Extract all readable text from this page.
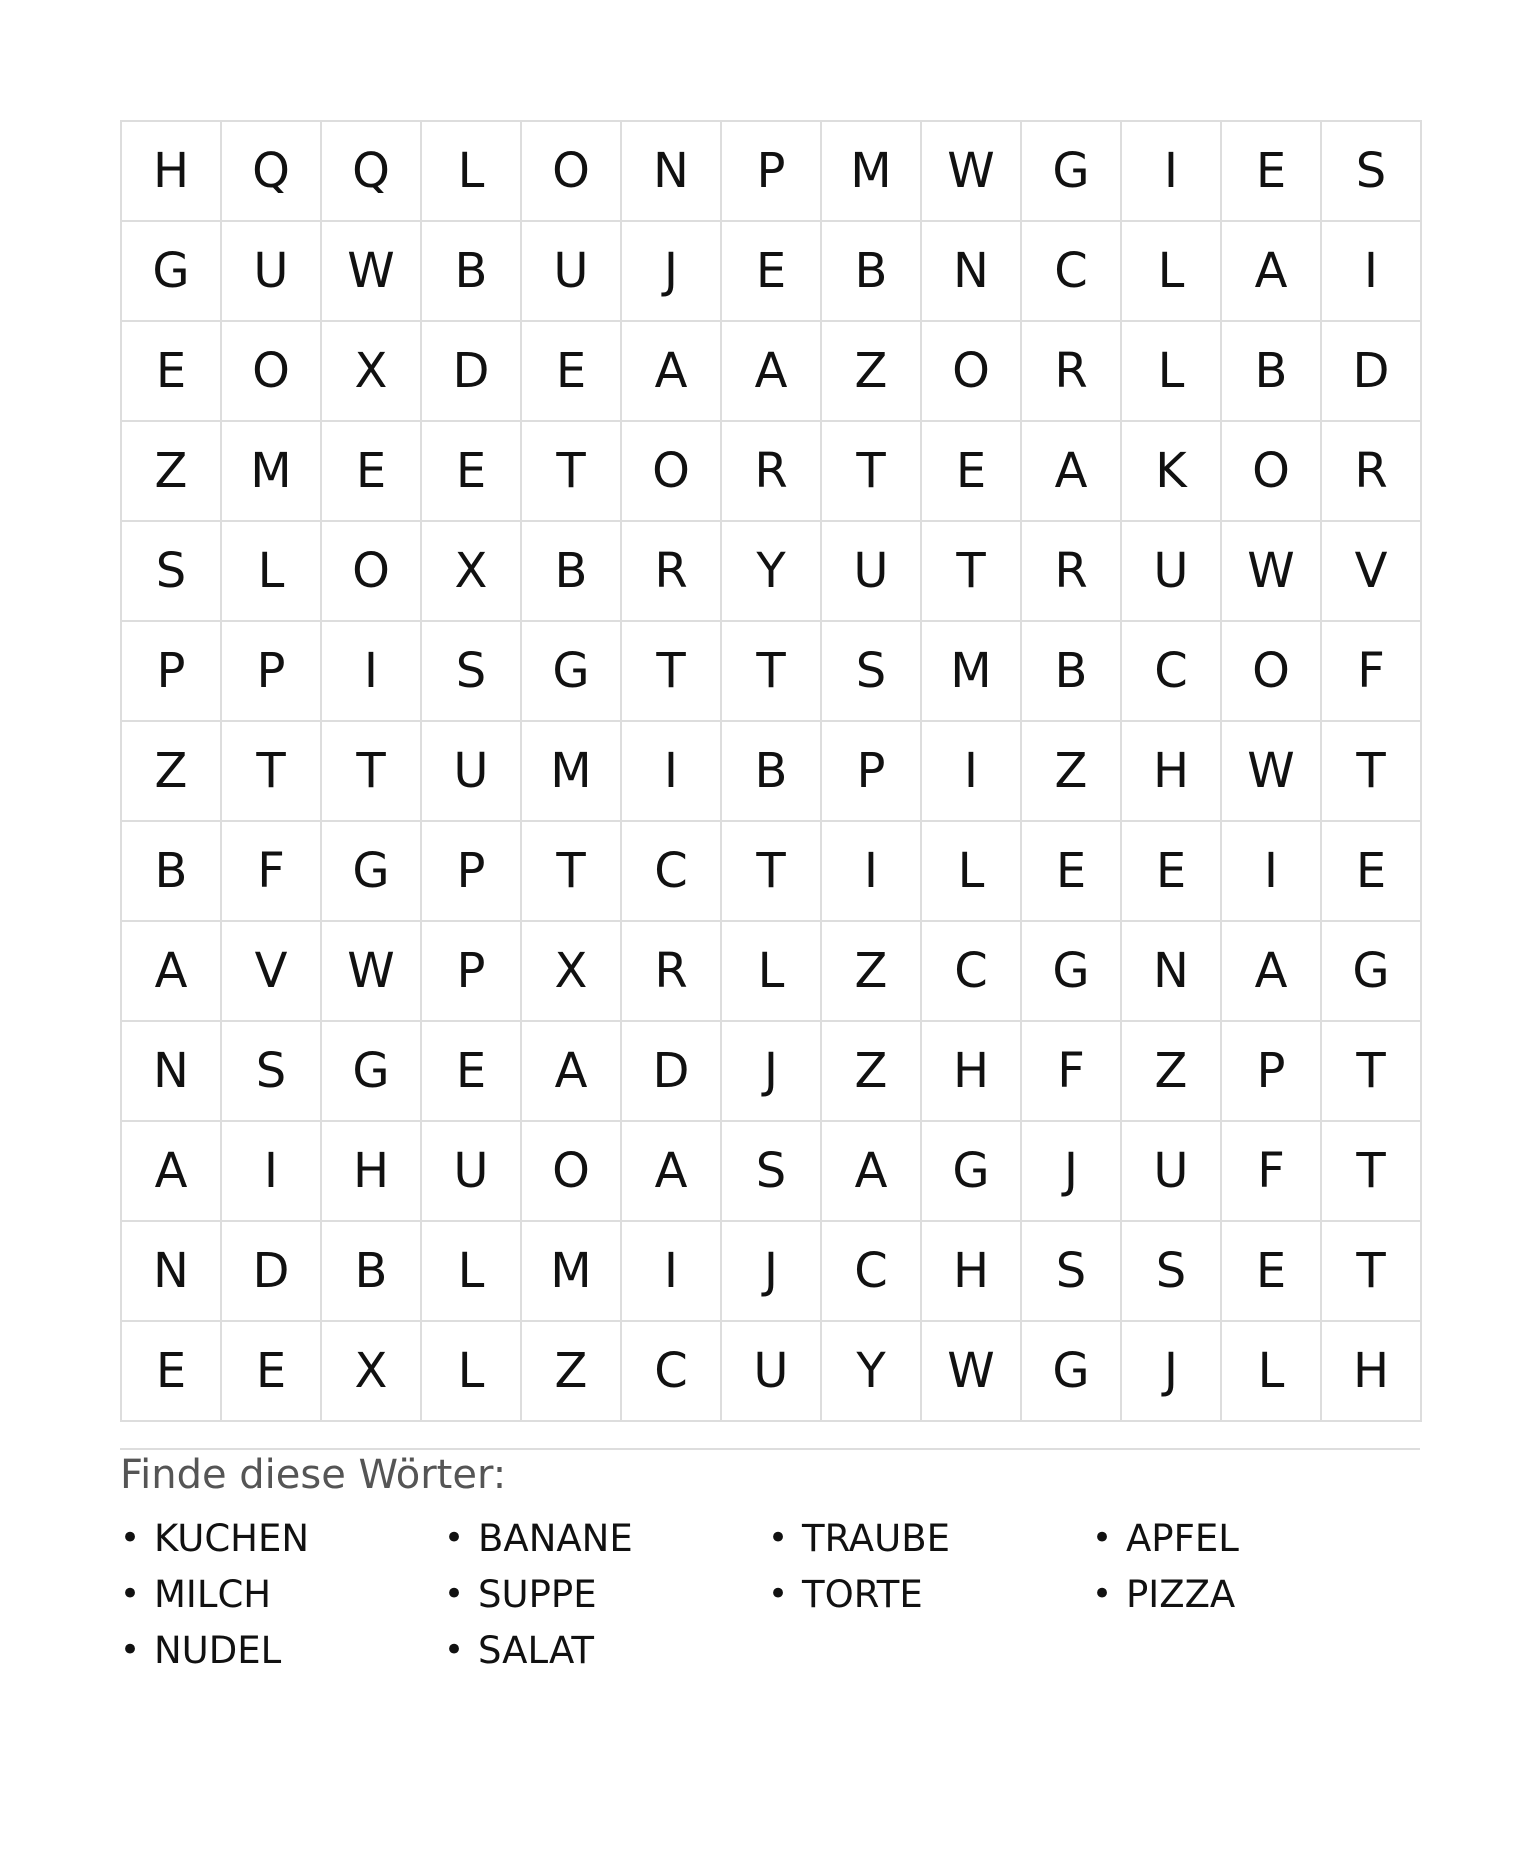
H	Q	Q	L	O	N	P	M	W	G	I	E	S
G	U	W	B	U	J	E	B	N	C	L	A	I
E	O	X	D	E	A	A	Z	O	R	L	B	D
Z	M	E	E	T	O	R	T	E	A	K	O	R
S	L	O	X	B	R	Y	U	T	R	U	W	V
P	P	I	S	G	T	T	S	M	B	C	O	F
Z	T	T	U	M	I	B	P	I	Z	H	W	T
B	F	G	P	T	C	T	I	L	E	E	I	E
A	V	W	P	X	R	L	Z	C	G	N	A	G
N	S	G	E	A	D	J	Z	H	F	Z	P	T
A	I	H	U	O	A	S	A	G	J	U	F	T
N	D	B	L	M	I	J	C	H	S	S	E	T
E	E	X	L	Z	C	U	Y	W	G	J	L	H
Finde diese Wörter:
• KUCHEN	• BANANE	• TRAUBE	• APFEL
• MILCH	• SUPPE	• TORTE	• PIZZA
• NUDEL	• SALAT
